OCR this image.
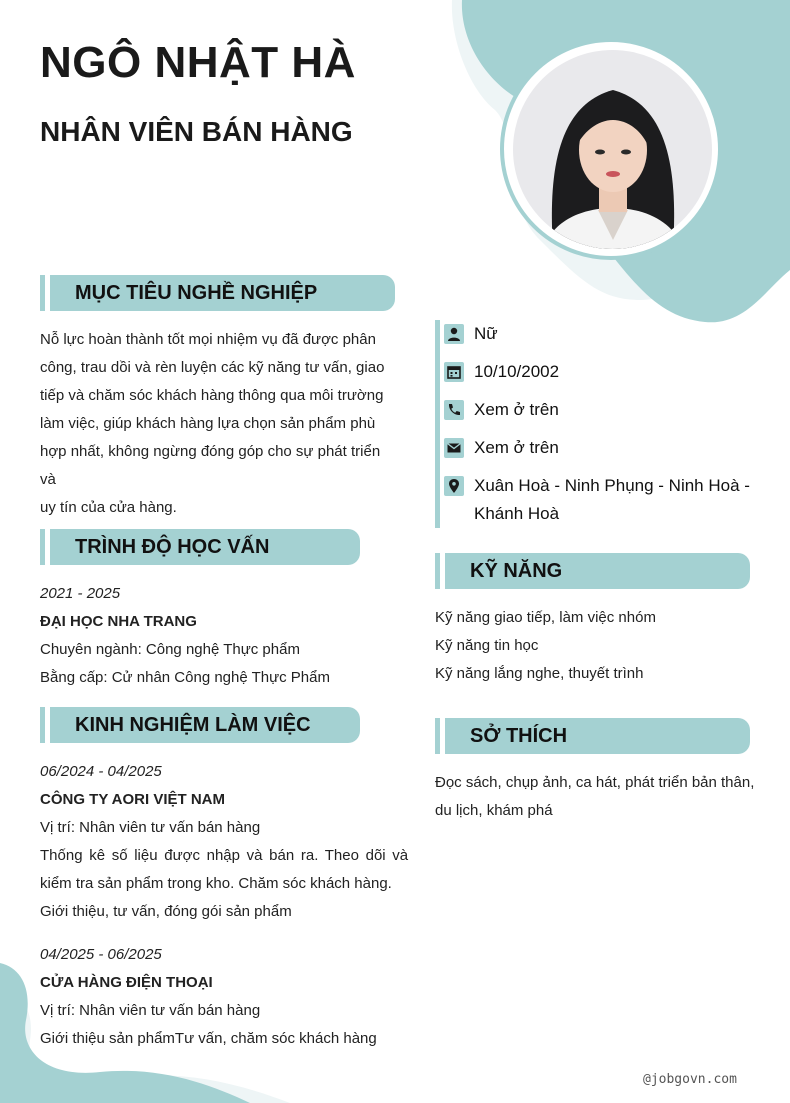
NGÔ NHẬT HÀ
NHÂN VIÊN BÁN HÀNG
MỤC TIÊU NGHỀ NGHIỆP
Nỗ lực hoàn thành tốt mọi nhiệm vụ đã được phân
công, trau dồi và rèn luyện các kỹ năng tư vấn, giao
tiếp và chăm sóc khách hàng thông qua môi trường
làm việc, giúp khách hàng lựa chọn sản phẩm phù
hợp nhất, không ngừng đóng góp cho sự phát triển và
uy tín của cửa hàng.
TRÌNH ĐỘ HỌC VẤN
2021 - 2025
ĐẠI HỌC NHA TRANG
Chuyên ngành: Công nghệ Thực phẩm
Bằng cấp: Cử nhân Công nghệ Thực Phẩm
KINH NGHIỆM LÀM VIỆC
06/2024 - 04/2025
CÔNG TY AORI VIỆT NAM
Vị trí: Nhân viên tư vấn bán hàng
Thống kê số liệu được nhập và bán ra. Theo dõi và
kiểm tra sản phẩm trong kho. Chăm sóc khách hàng.
Giới thiệu, tư vấn, đóng gói sản phẩm
04/2025 - 06/2025
CỬA HÀNG ĐIỆN THOẠI
Vị trí: Nhân viên tư vấn bán hàng
Giới thiệu sản phẩmTư vấn, chăm sóc khách hàng
Nữ
10/10/2002
Xem ở trên
Xem ở trên
Xuân Hoà - Ninh Phụng - Ninh Hoà -
Khánh Hoà
KỸ NĂNG
Kỹ năng giao tiếp, làm việc nhóm
Kỹ năng tin học
Kỹ năng lắng nghe, thuyết trình
SỞ THÍCH
Đọc sách, chụp ảnh, ca hát, phát triển bản thân,
du lịch, khám phá
@jobgovn.com
